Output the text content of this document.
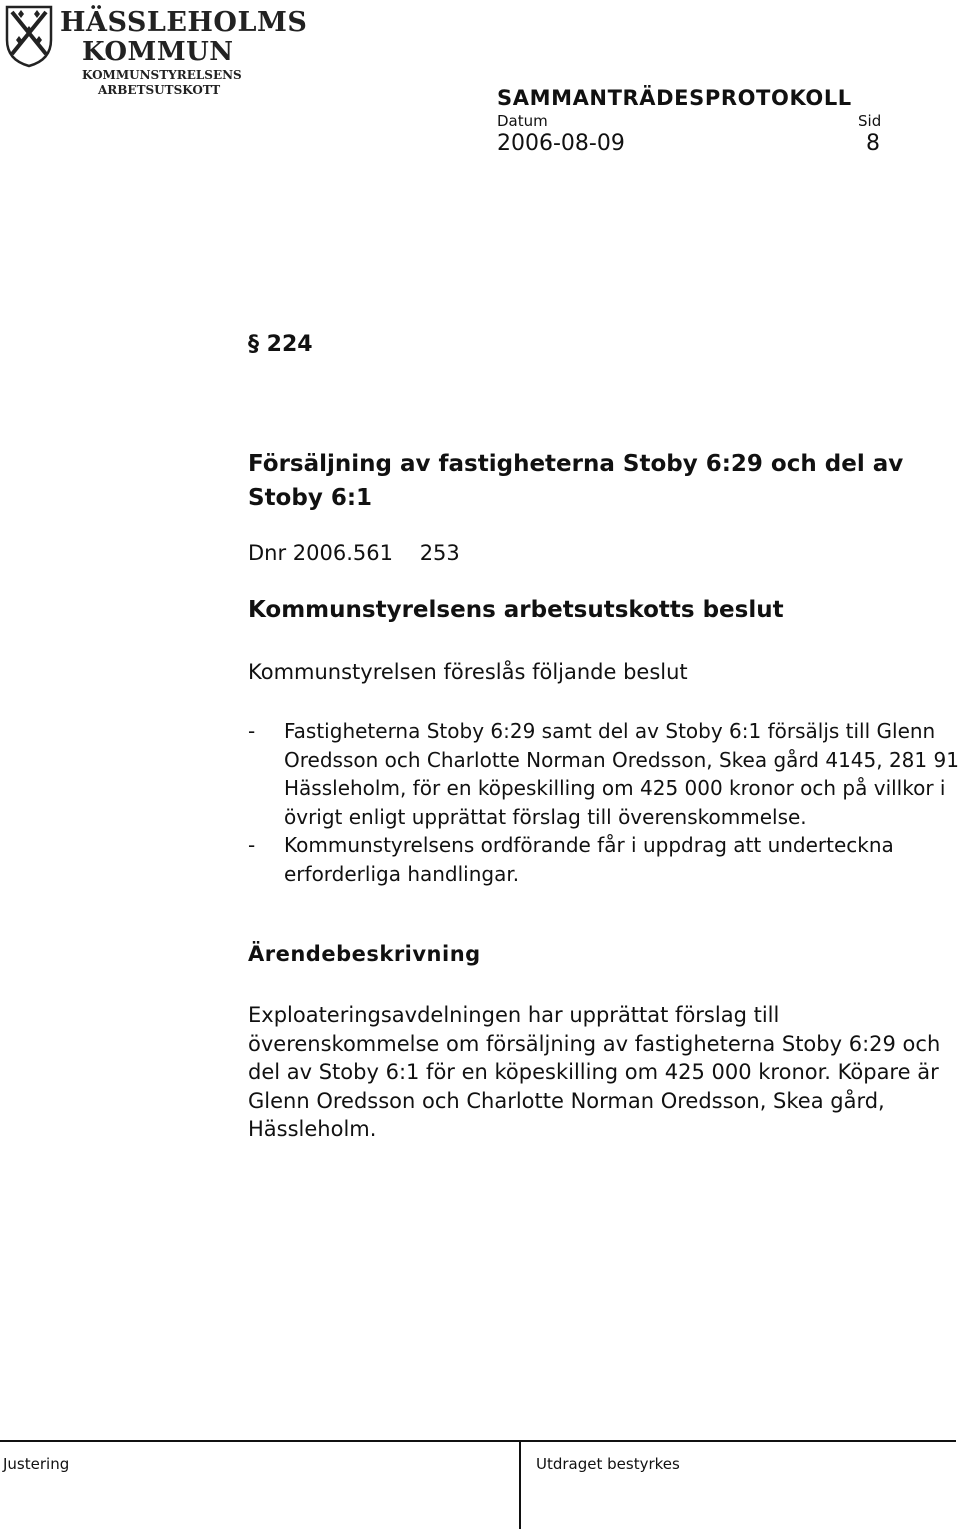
HÄSSLEHOLMS
KOMMUN
KOMMUNSTYRELSENS
ARBETSUTSKOTT	SAMMANTRÄDESPROTOKOLL
Datum	Sid
2006-08-09	8
§ 224
Försäljning av fastigheterna Stoby 6:29 och del av Stoby 6:1
Dnr 2006.561    253
Kommunstyrelsens arbetsutskotts beslut
Kommunstyrelsen föreslås följande beslut
- Fastigheterna Stoby 6:29 samt del av Stoby 6:1 försäljs till Glenn Oredsson och Charlotte Norman Oredsson, Skea gård 4145, 281 91 Hässleholm, för en köpeskilling om 425 000 kronor och på villkor i övrigt enligt upprättat förslag till överenskommelse.
- Kommunstyrelsens ordförande får i uppdrag att underteckna erforderliga handlingar.
Ärendebeskrivning
Exploateringsavdelningen har upprättat förslag till överenskommelse om försäljning av fastigheterna Stoby 6:29 och del av Stoby 6:1 för en köpeskilling om 425 000 kronor. Köpare är Glenn Oredsson och Charlotte Norman Oredsson, Skea gård, Hässleholm.
Justering	Utdraget bestyrkes
